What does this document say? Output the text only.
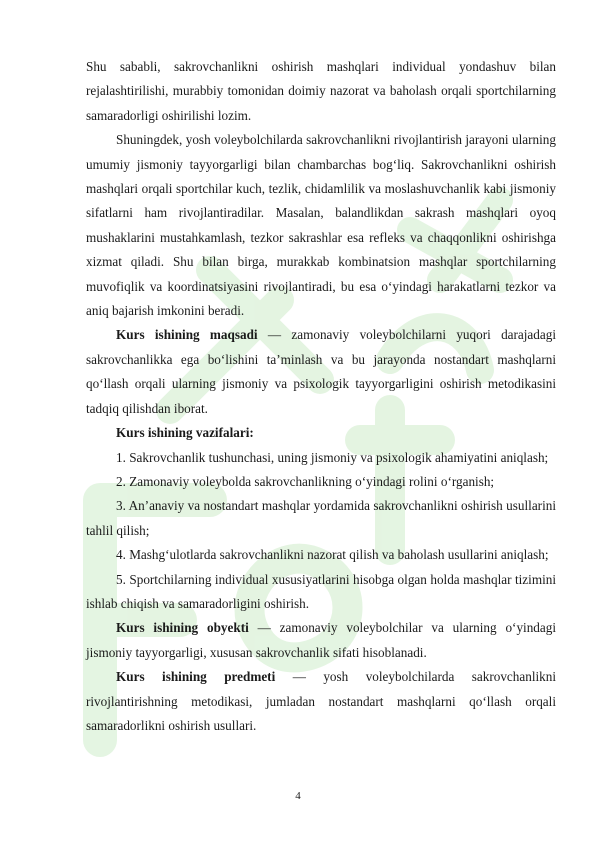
Shu sababli, sakrovchanlikni oshirish mashqlari individual yondashuv bilan rejalashtirilishi, murabbiy tomonidan doimiy nazorat va baholash orqali sportchilarning samaradorligi oshirilishi lozim.

Shuningdek, yosh voleybolchilarda sakrovchanlikni rivojlantirish jarayoni ularning umumiy jismoniy tayyorgarligi bilan chambarchas bog‘liq. Sakrovchanlikni oshirish mashqlari orqali sportchilar kuch, tezlik, chidamlilik va moslashuvchanlik kabi jismoniy sifatlarni ham rivojlantiradilar. Masalan, balandlikdan sakrash mashqlari oyoq mushaklarini mustahkamlash, tezkor sakrashlar esa refleks va chaqqonlikni oshirishga xizmat qiladi. Shu bilan birga, murakkab kombinatsion mashqlar sportchilarning muvofiqlik va koordinatsiyasini rivojlantiradi, bu esa o‘yindagi harakatlarni tezkor va aniq bajarish imkonini beradi.

Kurs ishining maqsadi — zamonaviy voleybolchilarni yuqori darajadagi sakrovchanlikka ega bo‘lishini ta’minlash va bu jarayonda nostandart mashqlarni qo‘llash orqali ularning jismoniy va psixologik tayyorgarligini oshirish metodikasini tadqiq qilishdan iborat.

Kurs ishining vazifalari:

1. Sakrovchanlik tushunchasi, uning jismoniy va psixologik ahamiyatini aniqlash;

2. Zamonaviy voleybolda sakrovchanlikning o‘yindagi rolini o‘rganish;

3. An’anaviy va nostandart mashqlar yordamida sakrovchanlikni oshirish usullarini tahlil qilish;

4. Mashg‘ulotlarda sakrovchanlikni nazorat qilish va baholash usullarini aniqlash;

5. Sportchilarning individual xususiyatlarini hisobga olgan holda mashqlar tizimini ishlab chiqish va samaradorligini oshirish.

Kurs ishining obyekti — zamonaviy voleybolchilar va ularning o‘yindagi jismoniy tayyorgarligi, xususan sakrovchanlik sifati hisoblanadi.

Kurs ishining predmeti — yosh voleybolchilarda sakrovchanlikni rivojlantirishning metodikasi, jumladan nostandart mashqlarni qo‘llash orqali samaradorlikni oshirish usullari.

4
